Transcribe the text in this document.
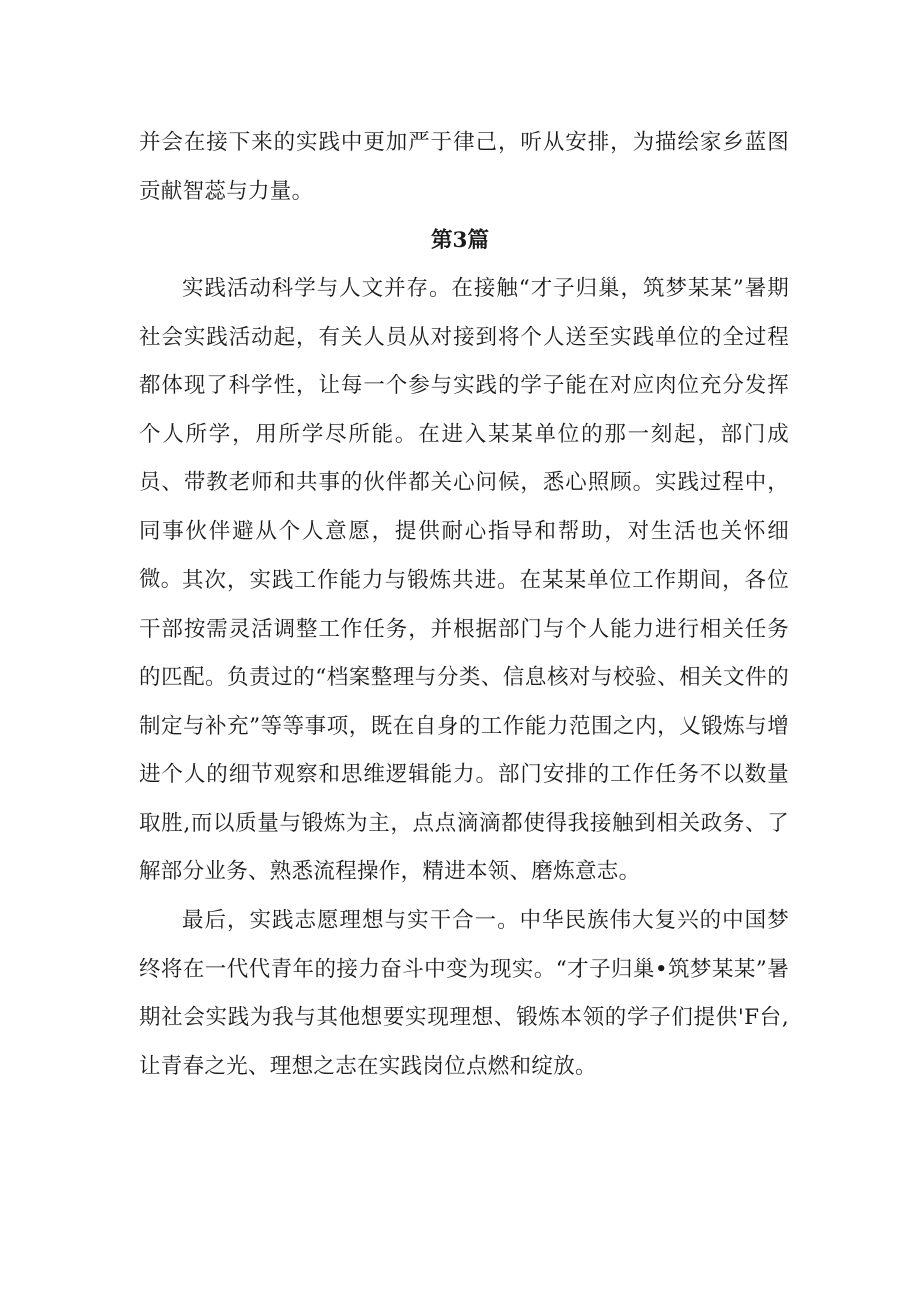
并会在接下来的实践中更加严于律己，听从安排，为描绘家乡蓝图贡献智蕊与力量。

第3篇

实践活动科学与人文并存。在接触“才子归巢，筑梦某某”暑期社会实践活动起，有关人员从对接到将个人送至实践单位的全过程都体现了科学性，让每一个参与实践的学子能在对应肉位充分发挥个人所学，用所学尽所能。在进入某某单位的那一刻起，部门成员、带教老师和共事的伙伴都关心问候，悉心照顾。实践过程中，同事伙伴避从个人意愿，提供耐心指导和帮助，对生活也关怀细微。 其次，实践工作能力与锻炼共进。在某某单位工作期间，各位干部按需灵活调整工作任务，并根据部门与个人能力进行相关任务的匹配。负责过的“档案整理与分类、信息核对与校验、相关文件的制定与补充”等等事项，既在自身的工作能力范围之内，乂锻炼与增进个人的细节观察和思维逻辑能力。部门安排的工作任务不以数量取胜,而以质量与锻炼为主，点点滴滴都使得我接触到相关政务、了解部分业务、熟悉流程操作，精进本领、磨炼意志。

最后，实践志愿理想与实干合一。中华民族伟大复兴的中国梦终将在一代代青年的接力奋斗中变为现实。“才子归巢•筑梦某某”暑期社会实践为我与其他想要实现理想、锻炼本领的学子们提供'F台,让青春之光、理想之志在实践岗位点燃和绽放。
